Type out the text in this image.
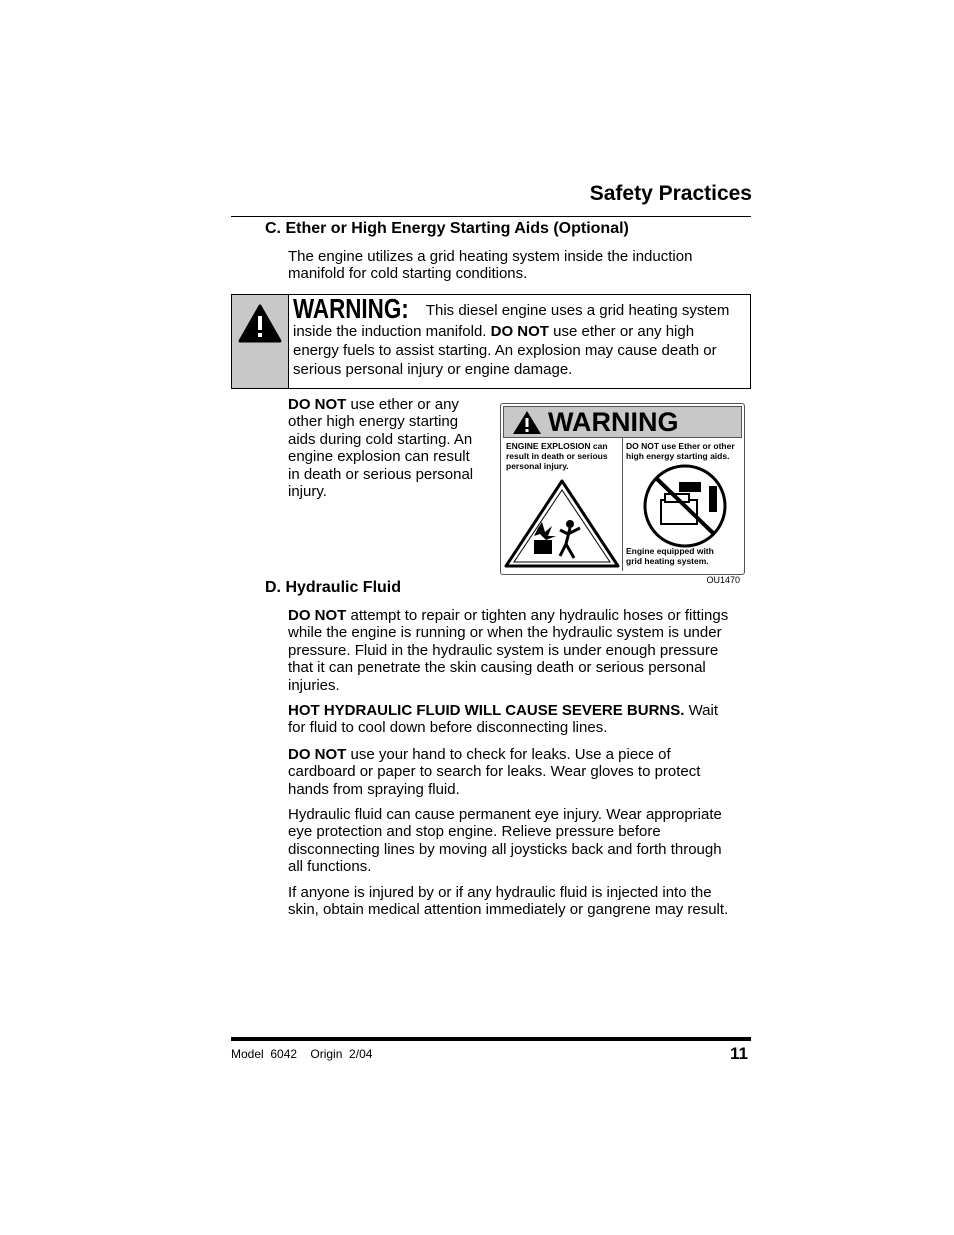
Safety Practices
C. Ether or High Energy Starting Aids (Optional)
The engine utilizes a grid heating system inside the induction
manifold for cold starting conditions.
WARNING: This diesel engine uses a grid heating system
inside the induction manifold. DO NOT use ether or any high
energy fuels to assist starting. An explosion may cause death or
serious personal injury or engine damage.
DO NOT use ether or any
other high energy starting
aids during cold starting. An
engine explosion can result
in death or serious personal
injury.
WARNING
ENGINE EXPLOSION can
result in death or serious
personal injury.
DO NOT use Ether or other
high energy starting aids.
Engine equipped with
grid heating system.
OU1470
D. Hydraulic Fluid
DO NOT attempt to repair or tighten any hydraulic hoses or fittings
while the engine is running or when the hydraulic system is under
pressure. Fluid in the hydraulic system is under enough pressure
that it can penetrate the skin causing death or serious personal
injuries.
HOT HYDRAULIC FLUID WILL CAUSE SEVERE BURNS. Wait
for fluid to cool down before disconnecting lines.
DO NOT use your hand to check for leaks. Use a piece of
cardboard or paper to search for leaks. Wear gloves to protect
hands from spraying fluid.
Hydraulic fluid can cause permanent eye injury. Wear appropriate
eye protection and stop engine. Relieve pressure before
disconnecting lines by moving all joysticks back and forth through
all functions.
If anyone is injured by or if any hydraulic fluid is injected into the
skin, obtain medical attention immediately or gangrene may result.
Model  6042    Origin  2/04	11
